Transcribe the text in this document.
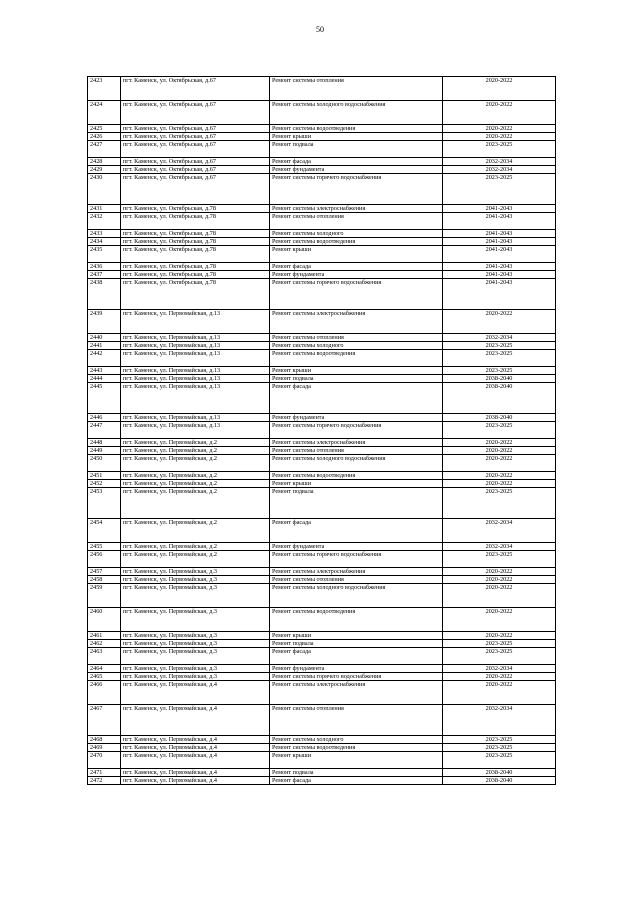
50
2423	пгт. Каменск, ул. Октябрьская, д.67	Ремонт системы отопления	2020-2022
2424	пгт. Каменск, ул. Октябрьская, д.67	Ремонт системы холодного водоснабжения	2020-2022
2425	пгт. Каменск, ул. Октябрьская, д.67	Ремонт системы водоотведения	2020-2022
2426	пгт. Каменск, ул. Октябрьская, д.67	Ремонт крыши	2020-2022
2427	пгт. Каменск, ул. Октябрьская, д.67	Ремонт подвала	2023-2025
2428	пгт. Каменск, ул. Октябрьская, д.67	Ремонт фасада	2032-2034
2429	пгт. Каменск, ул. Октябрьская, д.67	Ремонт фундамента	2032-2034
2430	пгт. Каменск, ул. Октябрьская, д.67	Ремонт системы горячего водоснабжения	2023-2025
2431	пгт. Каменск, ул. Октябрьская, д.78	Ремонт системы электроснабжения	2041-2043
2432	пгт. Каменск, ул. Октябрьская, д.78	Ремонт системы отопления	2041-2043
2433	пгт. Каменск, ул. Октябрьская, д.78	Ремонт системы холодного	2041-2043
2434	пгт. Каменск, ул. Октябрьская, д.78	Ремонт системы водоотведения	2041-2043
2435	пгт. Каменск, ул. Октябрьская, д.78	Ремонт крыши	2041-2043
2436	пгт. Каменск, ул. Октябрьская, д.78	Ремонт фасада	2041-2043
2437	пгт. Каменск, ул. Октябрьская, д.78	Ремонт фундамента	2041-2043
2438	пгт. Каменск, ул. Октябрьская, д.78	Ремонт системы горячего водоснабжения	2041-2043
2439	пгт. Каменск, ул. Первомайская, д.13	Ремонт системы электроснабжения	2020-2022
2440	пгт. Каменск, ул. Первомайская, д.13	Ремонт системы отопления	2032-2034
2441	пгт. Каменск, ул. Первомайская, д.13	Ремонт системы холодного	2023-2025
2442	пгт. Каменск, ул. Первомайская, д.13	Ремонт системы водоотведения	2023-2025
2443	пгт. Каменск, ул. Первомайская, д.13	Ремонт крыши	2023-2025
2444	пгт. Каменск, ул. Первомайская, д.13	Ремонт подвала	2038-2040
2445	пгт. Каменск, ул. Первомайская, д.13	Ремонт фасада	2038-2040
2446	пгт. Каменск, ул. Первомайская, д.13	Ремонт фундамента	2038-2040
2447	пгт. Каменск, ул. Первомайская, д.13	Ремонт системы горячего водоснабжения	2023-2025
2448	пгт. Каменск, ул. Первомайская, д.2	Ремонт системы электроснабжения	2020-2022
2449	пгт. Каменск, ул. Первомайская, д.2	Ремонт системы отопления	2020-2022
2450	пгт. Каменск, ул. Первомайская, д.2	Ремонт системы холодного водоснабжения	2020-2022
2451	пгт. Каменск, ул. Первомайская, д.2	Ремонт системы водоотведения	2020-2022
2452	пгт. Каменск, ул. Первомайская, д.2	Ремонт крыши	2020-2022
2453	пгт. Каменск, ул. Первомайская, д.2	Ремонт подвала	2023-2025
2454	пгт. Каменск, ул. Первомайская, д.2	Ремонт фасада	2032-2034
2455	пгт. Каменск, ул. Первомайская, д.2	Ремонт фундамента	2032-2034
2456	пгт. Каменск, ул. Первомайская, д.2	Ремонт системы горячего водоснабжения	2023-2025
2457	пгт. Каменск, ул. Первомайская, д.3	Ремонт системы электроснабжения	2020-2022
2458	пгт. Каменск, ул. Первомайская, д.3	Ремонт системы отопления	2020-2022
2459	пгт. Каменск, ул. Первомайская, д.3	Ремонт системы холодного водоснабжения	2020-2022
2460	пгт. Каменск, ул. Первомайская, д.3	Ремонт системы водоотведения	2020-2022
2461	пгт. Каменск, ул. Первомайская, д.3	Ремонт крыши	2020-2022
2462	пгт. Каменск, ул. Первомайская, д.3	Ремонт подвала	2023-2025
2463	пгт. Каменск, ул. Первомайская, д.3	Ремонт фасада	2023-2025
2464	пгт. Каменск, ул. Первомайская, д.3	Ремонт фундамента	2032-2034
2465	пгт. Каменск, ул. Первомайская, д.3	Ремонт системы горячего водоснабжения	2020-2022
2466	пгт. Каменск, ул. Первомайская, д.4	Ремонт системы электроснабжения	2020-2022
2467	пгт. Каменск, ул. Первомайская, д.4	Ремонт системы отопления	2032-2034
2468	пгт. Каменск, ул. Первомайская, д.4	Ремонт системы холодного	2023-2025
2469	пгт. Каменск, ул. Первомайская, д.4	Ремонт системы водоотведения	2023-2025
2470	пгт. Каменск, ул. Первомайская, д.4	Ремонт крыши	2023-2025
2471	пгт. Каменск, ул. Первомайская, д.4	Ремонт подвала	2038-2040
2472	пгт. Каменск, ул. Первомайская, д.4	Ремонт фасада	2038-2040
